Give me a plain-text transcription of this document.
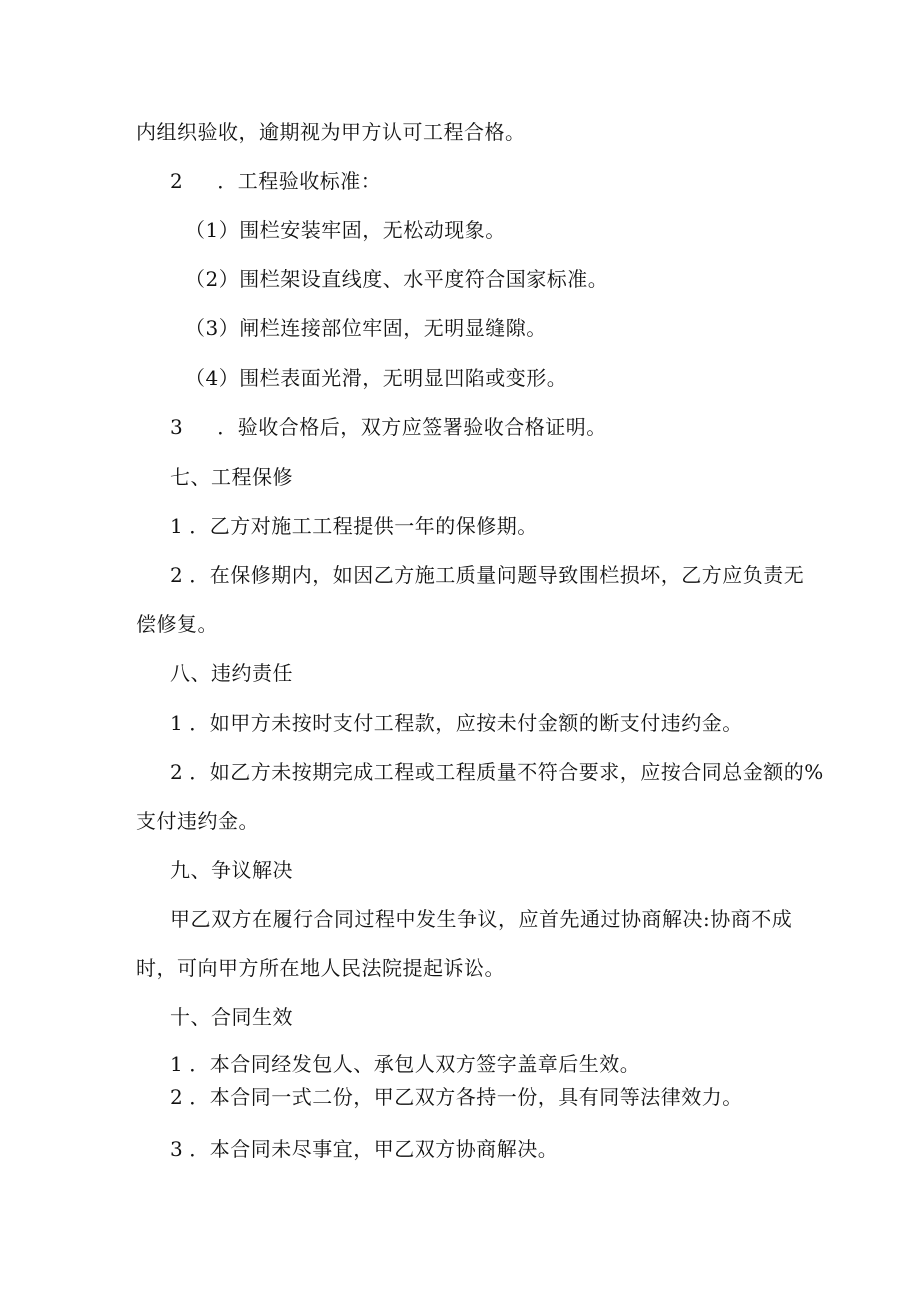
内组织验收，逾期视为甲方认可工程合格。
2 ．工程验收标准：
（1）围栏安装牢固，无松动现象。
（2）围栏架设直线度、水平度符合国家标准。
（3）闸栏连接部位牢固，无明显缝隙。
（4）围栏表面光滑，无明显凹陷或变形。
3 ．验收合格后，双方应签署验收合格证明。
七、工程保修
1 ．乙方对施工工程提供一年的保修期。
2 ．在保修期内，如因乙方施工质量问题导致围栏损坏，乙方应负责无
偿修复。
八、违约责任
1 ．如甲方未按时支付工程款，应按未付金额的断支付违约金。
2 ．如乙方未按期完成工程或工程质量不符合要求，应按合同总金额的%
支付违约金。
九、争议解决
甲乙双方在履行合同过程中发生争议，应首先通过协商解决:协商不成
时，可向甲方所在地人民法院提起诉讼。
十、合同生效
1 ．本合同经发包人、承包人双方签字盖章后生效。
2 ．本合同一式二份，甲乙双方各持一份，具有同等法律效力。
3 ．本合同未尽事宜，甲乙双方协商解决。
